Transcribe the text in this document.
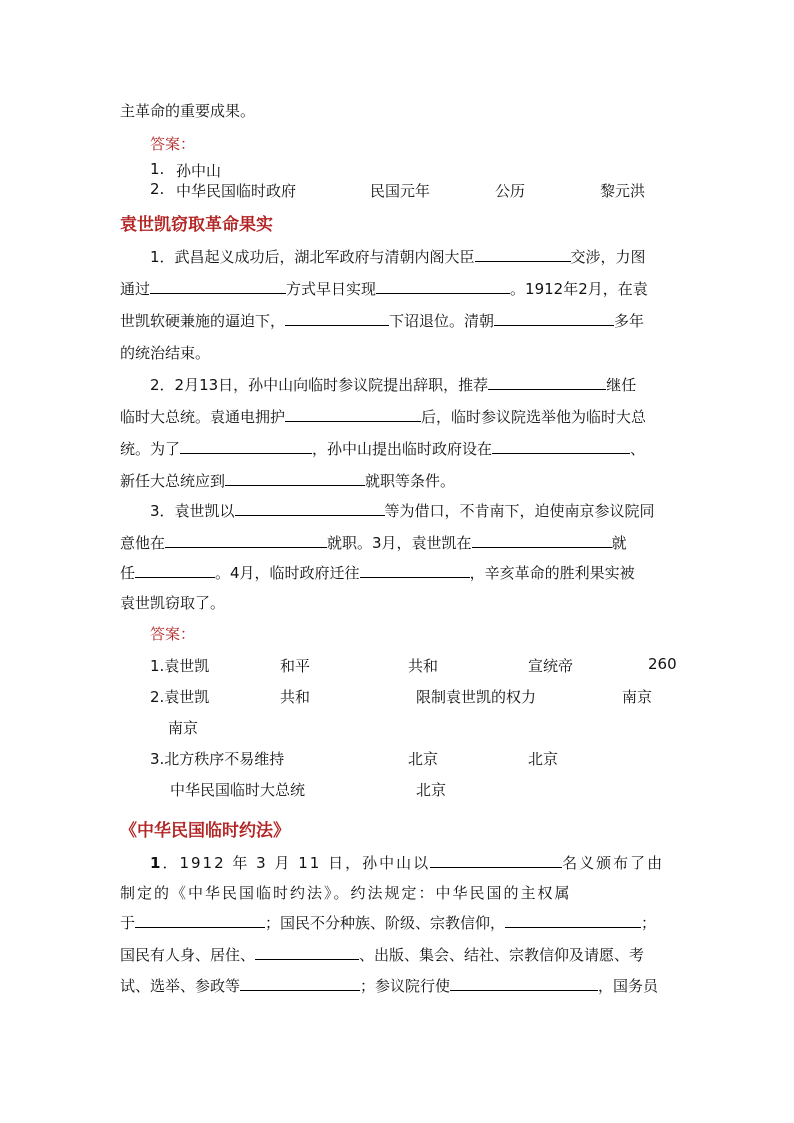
主革命的重要成果。
答案：
1. 孙中山
2. 中华民国临时政府	民国元年	公历	黎元洪
袁世凯窃取革命果实
1．武昌起义成功后，湖北军政府与清朝内阁大臣	交涉，力图
通过	方式早日实现	。1912年2月，在袁
世凯软硬兼施的逼迫下，	下诏退位。清朝	多年
的统治结束。
2．2月13日，孙中山向临时参议院提出辞职，推荐	继任
临时大总统。袁通电拥护	后，临时参议院选举他为临时大总
统。为了	，孙中山提出临时政府设在	、
新任大总统应到	就职等条件。
3．袁世凯以	等为借口，不肯南下，迫使南京参议院同
意他在	就职。3月，袁世凯在	就
任	。4月，临时政府迁往	，辛亥革命的胜利果实被
袁世凯窃取了。
答案：
1.袁世凯	和平	共和	宣统帝	260
2.袁世凯	共和	限制袁世凯的权力	南京
南京
3.北方秩序不易维持	北京	北京
中华民国临时大总统	北京
《中华民国临时约法》
1．1912 年 3 月 11 日，孙中山以	名义颁布了由
制定的《中华民国临时约法》。约法规定：中华民国的主权属
于	；国民不分种族、阶级、宗教信仰，	；
国民有人身、居住、	、出版、集会、结社、宗教信仰及请愿、考
试、选举、参政等	；参议院行使	，国务员
